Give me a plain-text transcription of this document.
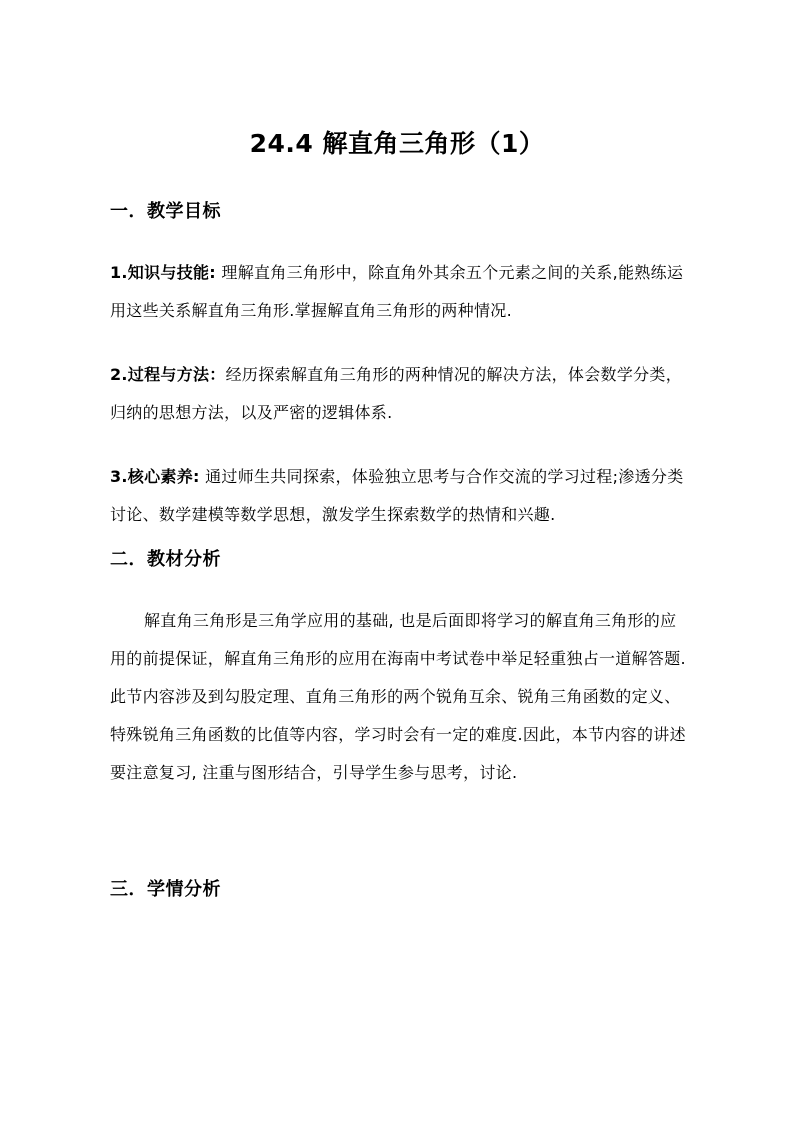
24.4 解直角三角形（1）
一．教学目标
1.知识与技能: 理解直角三角形中，除直角外其余五个元素之间的关系,能熟练运用这些关系解直角三角形.掌握解直角三角形的两种情况.
2.过程与方法：经历探索解直角三角形的两种情况的解决方法，体会数学分类，归纳的思想方法，以及严密的逻辑体系.
3.核心素养: 通过师生共同探索，体验独立思考与合作交流的学习过程;渗透分类讨论、数学建模等数学思想，激发学生探索数学的热情和兴趣.
二．教材分析
解直角三角形是三角学应用的基础, 也是后面即将学习的解直角三角形的应用的前提保证，解直角三角形的应用在海南中考试卷中举足轻重独占一道解答题.此节内容涉及到勾股定理、直角三角形的两个锐角互余、锐角三角函数的定义、特殊锐角三角函数的比值等内容，学习时会有一定的难度.因此，本节内容的讲述要注意复习, 注重与图形结合，引导学生参与思考，讨论.
三．学情分析
